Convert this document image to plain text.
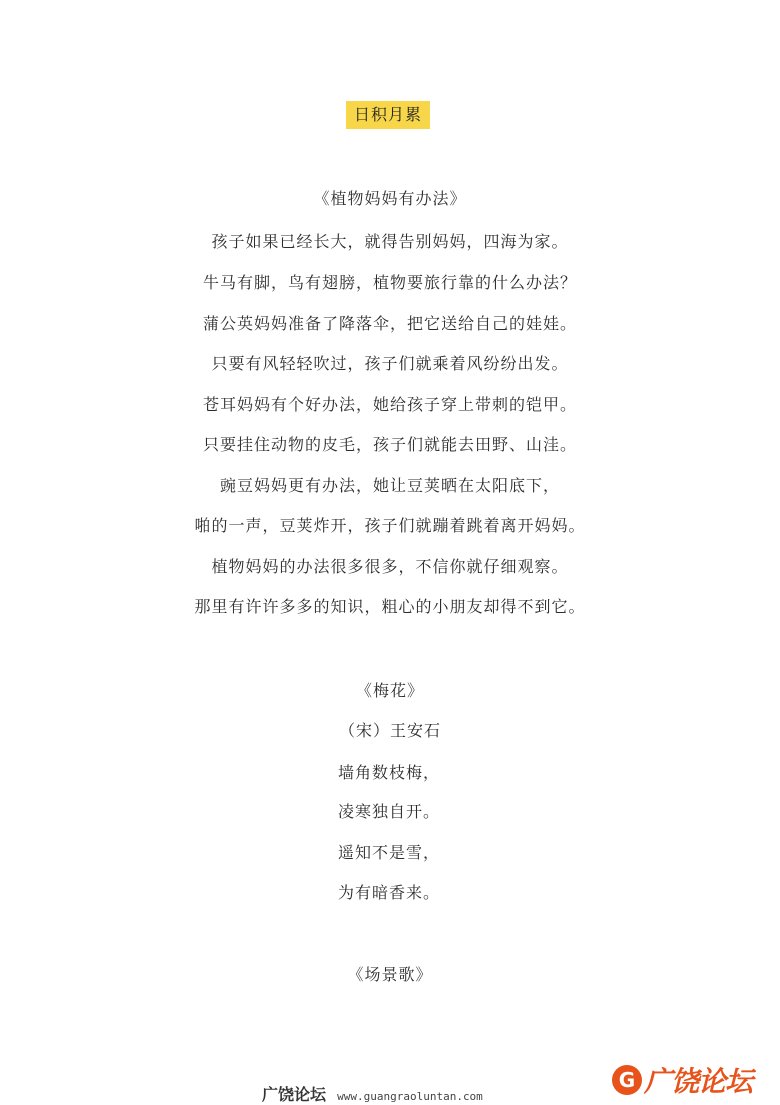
日积月累
《植物妈妈有办法》
孩子如果已经长大，就得告别妈妈，四海为家。
牛马有脚，鸟有翅膀，植物要旅行靠的什么办法？
蒲公英妈妈准备了降落伞，把它送给自己的娃娃。
只要有风轻轻吹过，孩子们就乘着风纷纷出发。
苍耳妈妈有个好办法，她给孩子穿上带刺的铠甲。
只要挂住动物的皮毛，孩子们就能去田野、山洼。
豌豆妈妈更有办法，她让豆荚晒在太阳底下，
啪的一声，豆荚炸开，孩子们就蹦着跳着离开妈妈。
植物妈妈的办法很多很多，不信你就仔细观察。
那里有许许多多的知识，粗心的小朋友却得不到它。
《梅花》
（宋）王安石
墙角数枝梅，
凌寒独自开。
遥知不是雪，
为有暗香来。
《场景歌》
广饶论坛 www.guangraoluntan.com
G 广饶论坛
